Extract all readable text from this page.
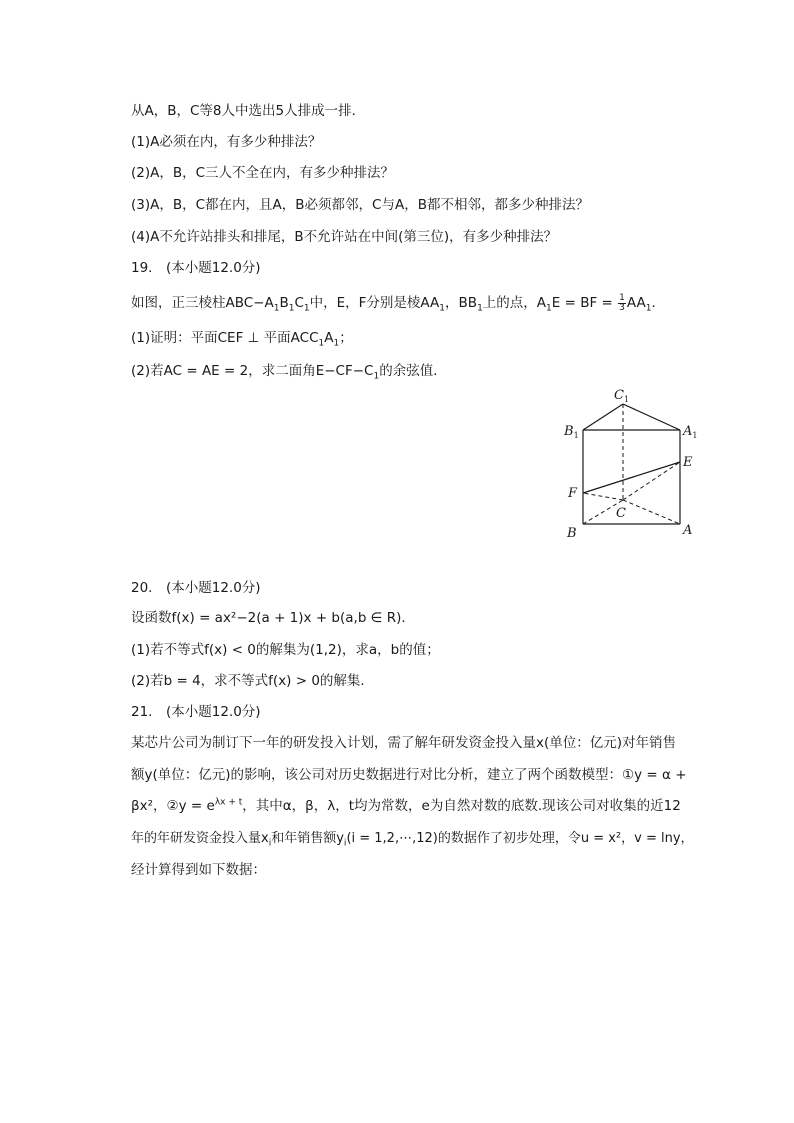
从A，B，C等8人中选出5人排成一排．
(1)A必须在内，有多少种排法？
(2)A，B，C三人不全在内，有多少种排法？
(3)A，B，C都在内，且A，B必须都邻，C与A，B都不相邻，都多少种排法？
(4)A不允许站排头和排尾，B不允许站在中间(第三位)，有多少种排法？
19.　(本小题12.0分)
如图，正三棱柱$ABC-A_1B_1C_1$中，E，F分别是棱$AA_1$，$BB_1$上的点，$A_1E$ = BF = $\frac{1}{3} AA_1$．
(1)证明：平面CEF ⊥ 平面$ACC_1A_1$；
(2)若AC = AE = 2，求二面角$E-CF-C_1$的余弦值．
$C_1$
$B_1$	$A_1$
E
F
C
B	A
20.　(本小题12.0分)
设函数f(x) = ax²−2(a + 1)x + b(a,b ∈ R)．
(1)若不等式f(x) < 0的解集为(1,2)，求a，b的值；
(2)若b = 4，求不等式f(x) > 0的解集．
21.　(本小题12.0分)
某芯片公司为制订下一年的研发投入计划，需了解年研发资金投入量x(单位：亿元)对年销售
额y(单位：亿元)的影响，该公司对历史数据进行对比分析，建立了两个函数模型：①y = α +
βx²，②y = $e^{\lambda x + t}$，其中α，β，λ，t均为常数，e为自然对数的底数.现该公司对收集的近12
年的年研发资金投入量$x_i$和年销售额$y_i(i$ = 1,2,⋯,12)的数据作了初步处理，令u = x²，v = lny，
经计算得到如下数据：
